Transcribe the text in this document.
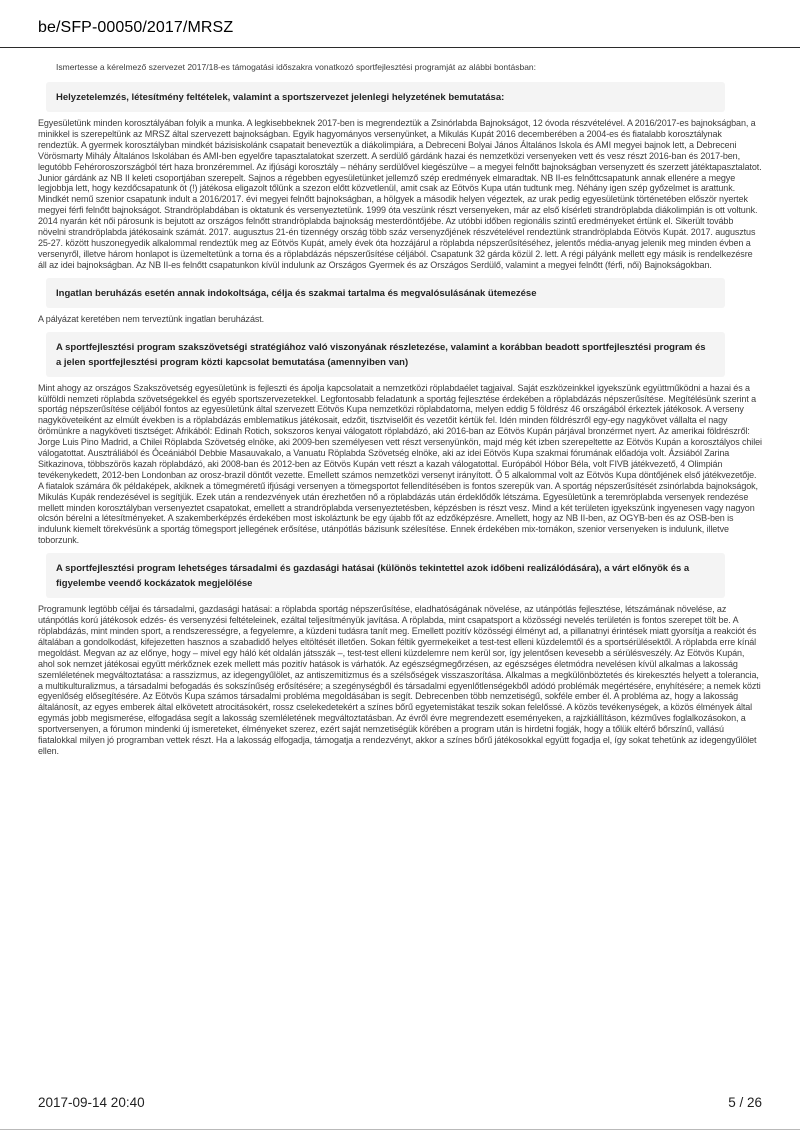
be/SFP-00050/2017/MRSZ

Ismertesse a kérelmező szervezet 2017/18-es támogatási időszakra vonatkozó sportfejlesztési programját az alábbi bontásban:

Helyzetelemzés, létesítmény feltételek, valamint a sportszervezet jelenlegi helyzetének bemutatása:

Egyesületünk minden korosztályában folyik a munka. A legkisebbeknek 2017-ben is megrendeztük a Zsinórlabda Bajnokságot, 12 óvoda részvételével. A 2016/2017-es bajnokságban, a minikkel is szerepeltünk az MRSZ által szervezett bajnokságban. Egyik hagyományos versenyünket, a Mikulás Kupát 2016 decemberében a 2004-es és fiatalabb korosztálynak rendeztük. A gyermek korosztályban mindkét bázisiskolánk csapatait beneveztük a diákolimpiára, a Debreceni Bolyai János Általános Iskola és AMI megyei bajnok lett, a Debreceni Vörösmarty Mihály Általános Iskolában és AMI-ben egyelőre tapasztalatokat szerzett. A serdülő gárdánk hazai és nemzetközi versenyeken vett és vesz részt 2016-ban és 2017-ben, legutóbb Fehéroroszországból tért haza bronzéremmel. Az ifjúsági korosztály – néhány serdülővel kiegészülve – a megyei felnőtt bajnokságban versenyzett és szerzett játéktapasztalatot. Junior gárdánk az NB II keleti csoportjában szerepelt. Sajnos a régebben egyesületünket jellemző szép eredmények elmaradtak. NB II-es felnőttcsapatunk annak ellenére a megye legjobbja lett, hogy kezdőcsapatunk öt (!) játékosa eligazolt tőlünk a szezon előtt közvetlenül, amit csak az Eötvös Kupa után tudtunk meg. Néhány igen szép győzelmet is arattunk. Mindkét nemű szenior csapatunk indult a 2016/2017. évi megyei felnőtt bajnokságban, a hölgyek a második helyen végeztek, az urak pedig egyesületünk történetében először nyertek megyei férfi felnőtt bajnokságot. Strandröplabdában is oktatunk és versenyeztetünk. 1999 óta veszünk részt versenyeken, már az első kísérleti strandröplabda diákolimpián is ott voltunk. 2014 nyarán két női párosunk is bejutott az országos felnőtt strandröplabda bajnokság mesterdöntőjébe. Az utóbbi időben regionális szintű eredményeket értünk el. Sikerült tovább növelni strandröplabda játékosaink számát. 2017. augusztus 21-én tizennégy ország több száz versenyzőjének részvételével rendeztünk strandröplabda Eötvös Kupát. 2017. augusztus 25-27. között huszonegyedik alkalommal rendeztük meg az Eötvös Kupát, amely évek óta hozzájárul a röplabda népszerűsítéséhez, jelentős média-anyag jelenik meg minden évben a versenyről, illetve három honlapot is üzemeltetünk a torna és a röplabdázás népszerűsítése céljából. Csapatunk 32 gárda közül 2. lett. A régi pályánk mellett egy másik is rendelkezésre áll az idei bajnokságban. Az NB II-es felnőtt csapatunkon kívül indulunk az Országos Gyermek és az Országos Serdülő, valamint a megyei felnőtt (férfi, női) Bajnokságokban.

Ingatlan beruházás esetén annak indokoltsága, célja és szakmai tartalma és megvalósulásának ütemezése

A pályázat keretében nem terveztünk ingatlan beruházást.

A sportfejlesztési program szakszövetségi stratégiához való viszonyának részletezése, valamint a korábban beadott sportfejlesztési program és a jelen sportfejlesztési program közti kapcsolat bemutatása (amennyiben van)

Mint ahogy az országos Szakszövetség egyesületünk is fejleszti és ápolja kapcsolatait a nemzetközi röplabdaélet tagjaival. Saját eszközeinkkel igyekszünk együttműködni a hazai és a külföldi nemzeti röplabda szövetségekkel és egyéb sportszervezetekkel. Legfontosabb feladatunk a sportág fejlesztése érdekében a röplabdázás népszerűsítése. Megítélésünk szerint a sportág népszerűsítése céljából fontos az egyesületünk által szervezett Eötvös Kupa nemzetközi röplabdatorna, melyen eddig 5 földrész 46 országából érkeztek játékosok. A verseny nagyköveteiként az elmúlt években is a röplabdázás emblematikus játékosait, edzőit, tisztviselőit és vezetőit kértük fel. Idén minden földrészről egy-egy nagykövet vállalta el nagy örömünkre a nagyköveti tisztséget: Afrikából: Edinah Rotich, sokszoros kenyai válogatott röplabdázó, aki 2016-ban az Eötvös Kupán párjával bronzérmet nyert. Az amerikai földrészről: Jorge Luis Pino Madrid, a Chilei Röplabda Szövetség elnöke, aki 2009-ben személyesen vett részt versenyünkön, majd még két izben szerepeltette az Eötvös Kupán a korosztályos chilei válogatottat. Ausztráliából és Óceániából Debbie Masauvakalo, a Vanuatu Röplabda Szövetség elnöke, aki az idei Eötvös Kupa szakmai fórumának előadója volt. Ázsiából Zarina Sitkazinova, többszörös kazah röplabdázó, aki 2008-ban és 2012-ben az Eötvös Kupán vett részt a kazah válogatottal. Európából Hóbor Béla, volt FIVB játékvezető, 4 Olimpián tevékenykedett, 2012-ben Londonban az orosz-brazil döntőt vezette. Emellett számos nemzetközi versenyt irányított. Ő 5 alkalommal volt az Eötvös Kupa döntőjének első játékvezetője. A fiatalok számára ők példaképek, akiknek a tömegméretű ifjúsági versenyen a tömegsportot fellendítésében is fontos szerepük van. A sportág népszerűsítését zsinórlabda bajnokságok, Mikulás Kupák rendezésével is segítjük. Ezek után a rendezvények után érezhetően nő a röplabdázás után érdeklődők létszáma. Egyesületünk a teremröplabda versenyek rendezése mellett minden korosztályban versenyeztet csapatokat, emellett a strandröplabda versenyeztetésben, képzésben is részt vesz. Mind a két területen igyekszünk ingyenesen vagy nagyon olcsón bérelni a létesítményeket. A szakemberképzés érdekében most iskoláztunk be egy újabb főt az edzőképzésre. Amellett, hogy az NB II-ben, az OGYB-ben és az OSB-ben is indulunk kiemelt törekvésünk a sportág tömegsport jellegének erősítése, utánpótlás bázisunk szélesítése. Ennek érdekében mix-tornákon, szenior versenyeken is indulunk, illetve toborzunk.

A sportfejlesztési program lehetséges társadalmi és gazdasági hatásai (különös tekintettel azok időbeni realizálódására), a várt előnyök és a figyelembe veendő kockázatok megjelölése

Programunk legtöbb céljai és társadalmi, gazdasági hatásai: a röplabda sportág népszerűsítése, eladhatóságának növelése, az utánpótlás fejlesztése, létszámának növelése, az utánpótlás korú játékosok edzés- és versenyzési feltételeinek, ezáltal teljesítményük javítása. A röplabda, mint csapatsport a közösségi nevelés területén is fontos szerepet tölt be. A röplabdázás, mint minden sport, a rendszerességre, a fegyelemre, a küzdeni tudásra tanít meg. Emellett pozitív közösségi élményt ad, a pillanatnyi érintések miatt gyorsítja a reakciót és általában a gondolkodást, kifejezetten hasznos a szabadidő helyes eltöltését illetően. Sokan féltik gyermekeiket a test-test elleni küzdelemtől és a sportsérülésektől. A röplabda erre kínál megoldást. Megvan az az előnye, hogy – mivel egy háló két oldalán játsszák –, test-test elleni küzdelemre nem kerül sor, így jelentősen kevesebb a sérülésveszély. Az Eötvös Kupán, ahol sok nemzet játékosai együtt mérkőznek ezek mellett más pozitív hatások is várhatók. Az egészségmegőrzésen, az egészséges életmódra nevelésen kívül alkalmas a lakosság szemléletének megváltoztatása: a rasszizmus, az idegengyűlölet, az antiszemitizmus és a szélsőségek visszaszorítása. Alkalmas a megkülönböztetés és kirekesztés helyett a tolerancia, a multikulturalizmus, a társadalmi befogadás és sokszínűség erősítésére; a szegénységből és társadalmi egyenlőtlenségekből adódó problémák megértésére, enyhítésére; a nemek közti egyenlőség elősegítésére. Az Eötvös Kupa számos társadalmi probléma megoldásában is segít. Debrecenben több nemzetiségű, sokféle ember él. A probléma az, hogy a lakosság általánosít, az egyes emberek által elkövetett atrocitásokért, rossz cselekedetekért a színes bőrű egyetemistákat teszik sokan felelőssé. A közös tevékenységek, a közös élmények által egymás jobb megismerése, elfogadása segít a lakosság szemléletének megváltoztatásban. Az évről évre megrendezett eseményeken, a rajzkiállításon, kézműves foglalkozásokon, a sportversenyen, a fórumon mindenki új ismereteket, élményeket szerez, ezért saját nemzetiségük körében a program után is hirdetni fogják, hogy a tőlük eltérő bőrszínű, vallású fiatalokkal milyen jó programban vettek részt. Ha a lakosság elfogadja, támogatja a rendezvényt, akkor a színes bőrű játékosokkal együtt fogadja el, így sokat tehetünk az idegengyűlölet ellen.

2017-09-14 20:40	5 / 26
